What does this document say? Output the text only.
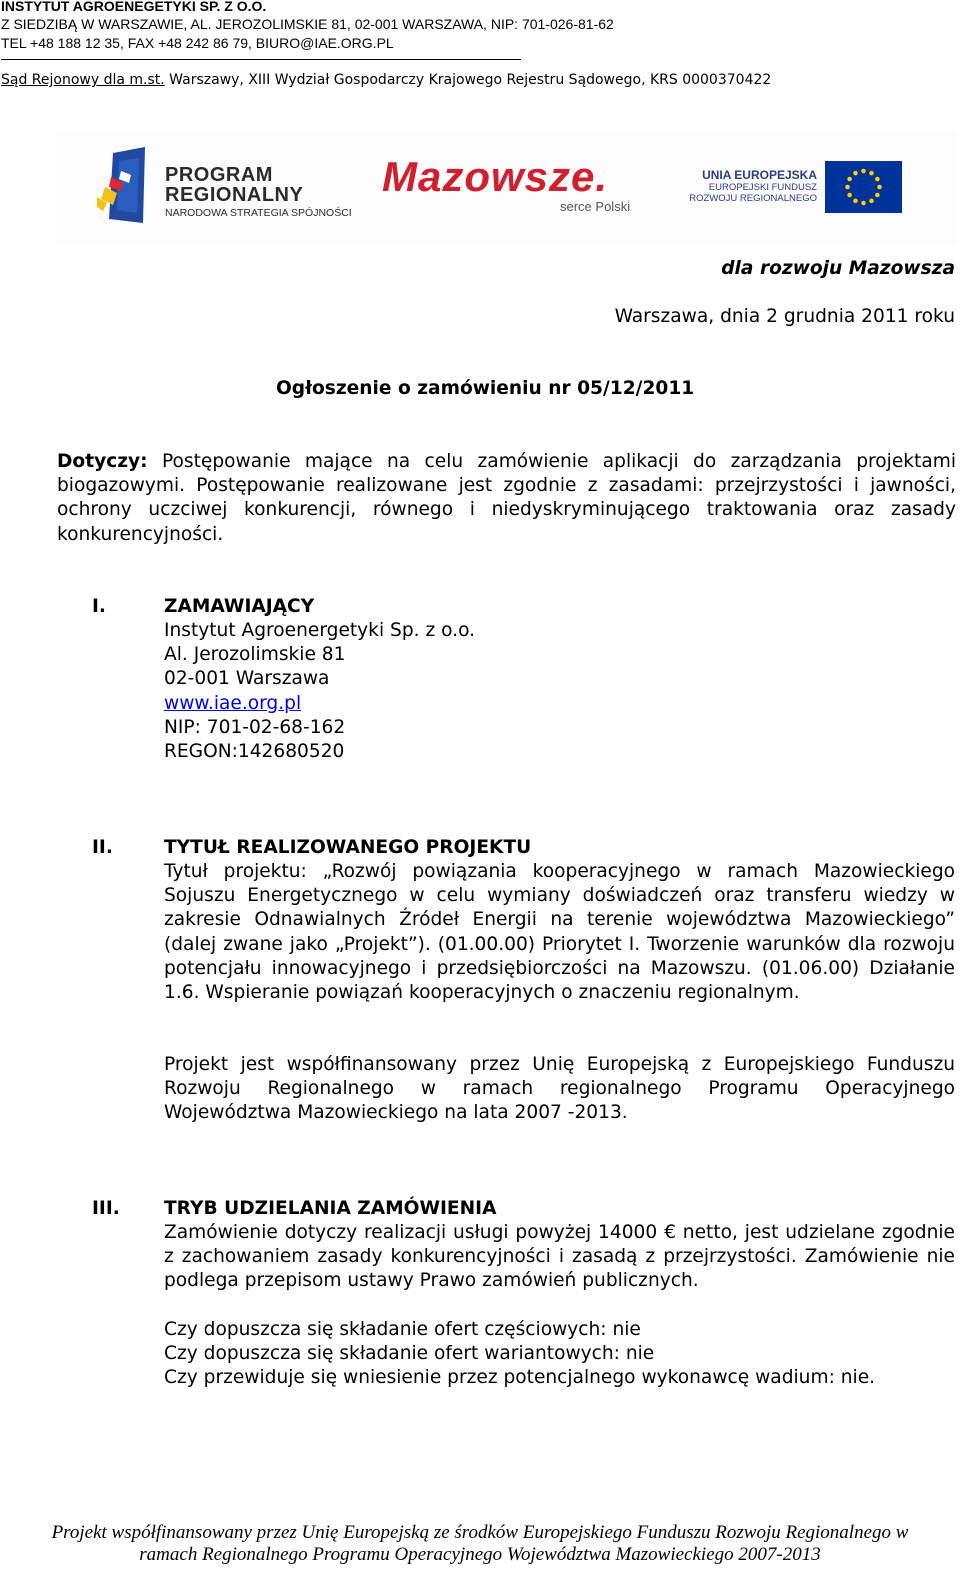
INSTYTUT AGROENEGETYKI SP. Z O.O.
Z SIEDZIBĄ W WARSZAWIE, AL. JEROZOLIMSKIE 81, 02-001 WARSZAWA, NIP: 701-026-81-62
TEL +48 188 12 35, FAX +48 242 86 79, BIURO@IAE.ORG.PL
Sąd Rejonowy dla m.st. Warszawy, XIII Wydział Gospodarczy Krajowego Rejestru Sądowego, KRS 0000370422
PROGRAM
REGIONALNY
NARODOWA STRATEGIA SPÓJNOŚCI
Mazowsze.
serce Polski
UNIA EUROPEJSKA
EUROPEJSKI FUNDUSZ
ROZWOJU REGIONALNEGO
dla rozwoju Mazowsza
Warszawa, dnia 2 grudnia 2011 roku
Ogłoszenie o zamówieniu nr 05/12/2011
Dotyczy: Postępowanie mające na celu zamówienie aplikacji do zarządzania projektami biogazowymi. Postępowanie realizowane jest zgodnie z zasadami: przejrzystości i jawności, ochrony uczciwej konkurencji, równego i niedyskryminującego traktowania oraz zasady konkurencyjności.
I.	ZAMAWIAJĄCY
Instytut Agroenergetyki Sp. z o.o.
Al. Jerozolimskie 81
02-001 Warszawa
www.iae.org.pl
NIP: 701-02-68-162
REGON:142680520
II.	TYTUŁ REALIZOWANEGO PROJEKTU
Tytuł projektu: „Rozwój powiązania kooperacyjnego w ramach Mazowieckiego Sojuszu Energetycznego w celu wymiany doświadczeń oraz transferu wiedzy w zakresie Odnawialnych Źródeł Energii na terenie województwa Mazowieckiego” (dalej zwane jako „Projekt”). (01.00.00) Priorytet I. Tworzenie warunków dla rozwoju potencjału innowacyjnego i przedsiębiorczości na Mazowszu. (01.06.00) Działanie 1.6. Wspieranie powiązań kooperacyjnych o znaczeniu regionalnym.
Projekt jest współfinansowany przez Unię Europejską z Europejskiego Funduszu Rozwoju Regionalnego w ramach regionalnego Programu Operacyjnego Województwa Mazowieckiego na lata 2007 -2013.
III. TRYB UDZIELANIA ZAMÓWIENIA
Zamówienie dotyczy realizacji usługi powyżej 14000 € netto, jest udzielane zgodnie z zachowaniem zasady konkurencyjności i zasadą z przejrzystości. Zamówienie nie podlega przepisom ustawy Prawo zamówień publicznych.
Czy dopuszcza się składanie ofert częściowych: nie
Czy dopuszcza się składanie ofert wariantowych: nie
Czy przewiduje się wniesienie przez potencjalnego wykonawcę wadium: nie.
Projekt współfinansowany przez Unię Europejską ze środków Europejskiego Funduszu Rozwoju Regionalnego w
ramach Regionalnego Programu Operacyjnego Województwa Mazowieckiego 2007-2013
